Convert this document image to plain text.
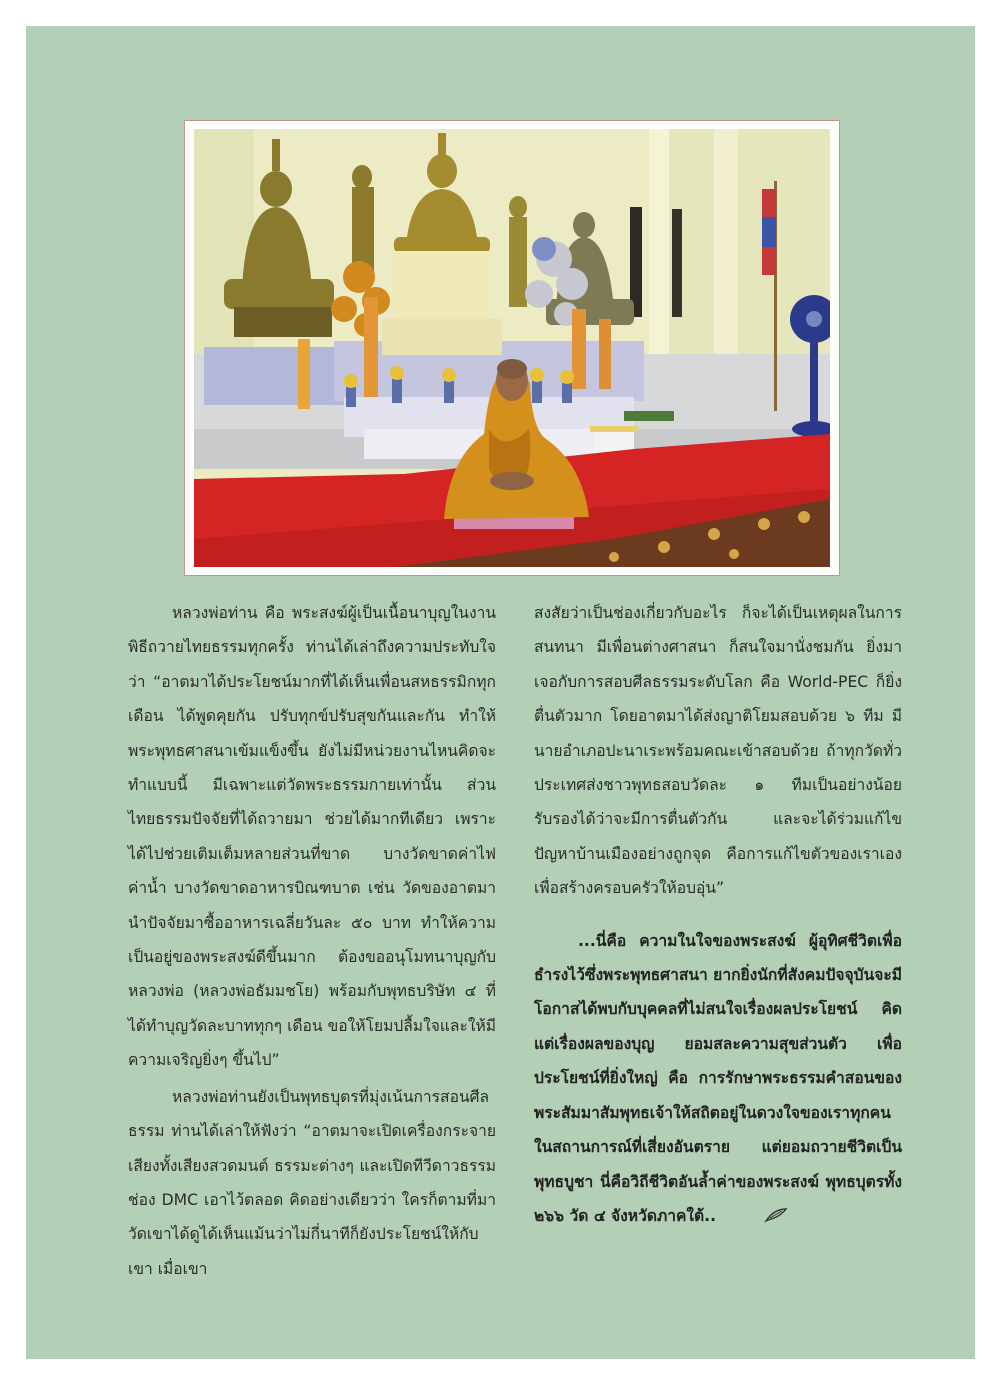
หลวงพ่อท่าน คือ พระสงฆ์ผู้เป็นเนื้อนาบุญในงานพิธีถวายไทยธรรมทุกครั้ง ท่านได้เล่าถึงความประทับใจว่า “อาตมาได้ประโยชน์มากที่ได้เห็นเพื่อนสหธรรมิกทุกเดือน ได้พูดคุยกัน ปรับทุกข์ปรับสุขกันและกัน ทำให้พระพุทธศาสนาเข้มแข็งขึ้น ยังไม่มีหน่วยงานไหนคิดจะทำแบบนี้ มีเฉพาะแต่วัดพระธรรมกายเท่านั้น ส่วนไทยธรรมปัจจัยที่ได้ถวายมา ช่วยได้มากทีเดียว เพราะได้ไปช่วยเติมเต็มหลายส่วนที่ขาด บางวัดขาดค่าไฟ ค่าน้ำ บางวัดขาดอาหารบิณฑบาต เช่น วัดของอาตมานำปัจจัยมาซื้ออาหารเฉลี่ยวันละ ๕๐ บาท ทำให้ความเป็นอยู่ของพระสงฆ์ดีขึ้นมาก ต้องขออนุโมทนาบุญกับหลวงพ่อ (หลวงพ่อธัมมชโย) พร้อมกับพุทธบริษัท ๔ ที่ได้ทำบุญวัดละบาททุกๆ เดือน ขอให้โยมปลื้มใจและให้มีความเจริญยิ่งๆ ขึ้นไป”

หลวงพ่อท่านยังเป็นพุทธบุตรที่มุ่งเน้นการสอนศีลธรรม ท่านได้เล่าให้ฟังว่า “อาตมาจะเปิดเครื่องกระจายเสียงทั้งเสียงสวดมนต์ ธรรมะต่างๆ และเปิดทีวีดาวธรรม ช่อง DMC เอาไว้ตลอด คิดอย่างเดียวว่า ใครก็ตามที่มาวัดเขาได้ดูได้เห็นแม้นว่าไม่กี่นาทีก็ยังประโยชน์ให้กับเขา เมื่อเขา

สงสัยว่าเป็นช่องเกี่ยวกับอะไร ก็จะได้เป็นเหตุผลในการสนทนา มีเพื่อนต่างศาสนา ก็สนใจมานั่งชมกัน ยิ่งมาเจอกับการสอบศีลธรรมระดับโลก คือ World-PEC ก็ยิ่งตื่นตัวมาก โดยอาตมาได้ส่งญาติโยมสอบด้วย ๖ ทีม มีนายอำเภอปะนาเระพร้อมคณะเข้าสอบด้วย ถ้าทุกวัดทั่วประเทศส่งชาวพุทธสอบวัดละ ๑ ทีมเป็นอย่างน้อย รับรองได้ว่าจะมีการตื่นตัวกัน และจะได้ร่วมแก้ไขปัญหาบ้านเมืองอย่างถูกจุด คือการแก้ไขตัวของเราเองเพื่อสร้างครอบครัวให้อบอุ่น”

...นี่คือ ความในใจของพระสงฆ์ ผู้อุทิศชีวิตเพื่อธำรงไว้ซึ่งพระพุทธศาสนา ยากยิ่งนักที่สังคมปัจจุบันจะมีโอกาสได้พบกับบุคคลที่ไม่สนใจเรื่องผลประโยชน์ คิดแต่เรื่องผลของบุญ ยอมสละความสุขส่วนตัว เพื่อประโยชน์ที่ยิ่งใหญ่ คือ การรักษาพระธรรมคำสอนของพระสัมมาสัมพุทธเจ้าให้สถิตอยู่ในดวงใจของเราทุกคน ในสถานการณ์ที่เสี่ยงอันตราย แต่ยอมถวายชีวิตเป็นพุทธบูชา นี่คือวิถีชีวิตอันล้ำค่าของพระสงฆ์ พุทธบุตรทั้ง ๒๖๖ วัด ๔ จังหวัดภาคใต้..
